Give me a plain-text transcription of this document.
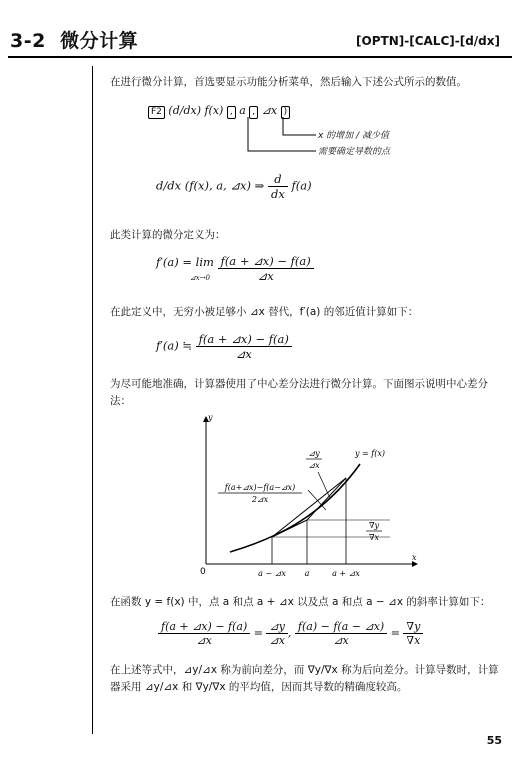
3-2 微分计算	[OPTN]-[CALC]-[d/dx]
在进行微分计算，首选要显示功能分析菜单，然后输入下述公式所示的数值。
F2 (d/dx) f(x) , a , ⊿x )
x 的增加 / 减少值
需要确定导数的点
d/dx (f(x), a, ⊿x) ⇒ $\frac{d}{dx} f(a)$
此类计算的微分定义为：
f′(a) = lim
⊿x→0 $\frac{f(a + ⊿x) - f(a)}{⊿x}$
在此定义中，无穷小被足够小 ⊿x 替代，f′(a) 的邻近值计算如下：
f′(a) ≒ $\frac{f(a + ⊿x) - f(a)}{⊿x}$
为尽可能地准确，计算器使用了中心差分法进行微分计算。下面图示说明中心差分法：
y
x
0	a − ⊿x a	a + ⊿x
y = f(x)
⊿y
⊿x
f(a+⊿x)−f(a−⊿x)
2⊿x
∇y
∇x
在函数 y = f(x) 中，点 a 和点 a + ⊿x 以及点 a 和点 a − ⊿x 的斜率计算如下：
$\frac{f(a + ⊿x) - f(a)}{⊿x} = \frac{⊿y}{⊿x}$ , $\frac{f(a) - f(a - ⊿x)}{⊿x} = \frac{\nabla y}{\nabla x}$
在上述等式中，⊿y/⊿x 称为前向差分，而 ∇y/∇x 称为后向差分。计算导数时，计算器采用 ⊿y/⊿x 和 ∇y/∇x 的平均值，因而其导数的精确度较高。
55
